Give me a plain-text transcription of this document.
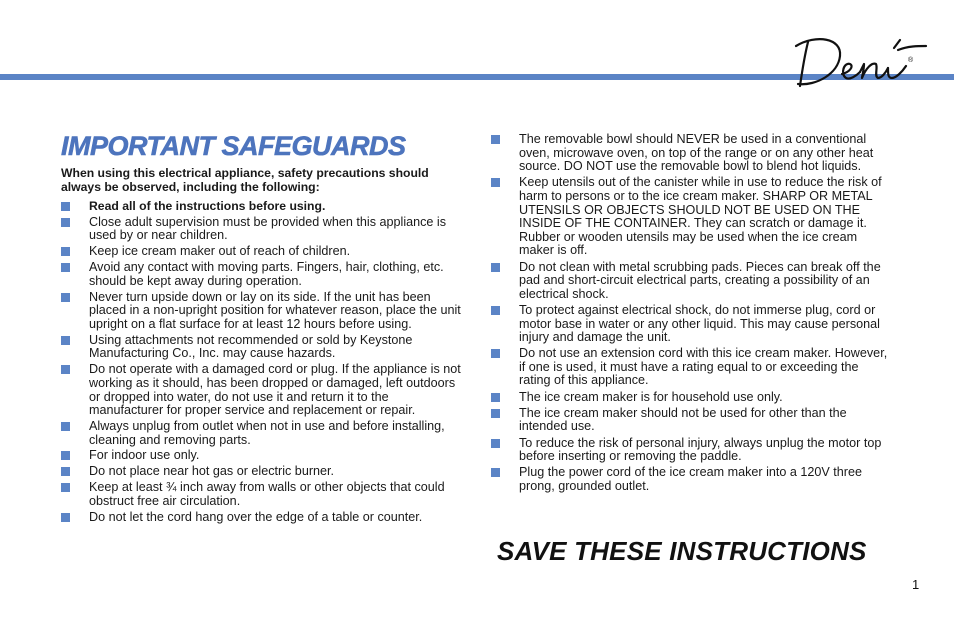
®
IMPORTANT SAFEGUARDS
When using this electrical appliance, safety precautions should always be observed, including the following:
Read all of the instructions before using.
Close adult supervision must be provided when this appliance is used by or near children.
Keep ice cream maker out of reach of children.
Avoid any contact with moving parts. Fingers, hair, clothing, etc. should be kept away during operation.
Never turn upside down or lay on its side. If the unit has been placed in a non-upright position for whatever reason, place the unit upright on a flat surface for at least 12 hours before using.
Using attachments not recommended or sold by Keystone Manufacturing Co., Inc. may cause hazards.
Do not operate with a damaged cord or plug. If the appliance is not working as it should, has been dropped or damaged, left outdoors or dropped into water, do not use it and return it to the manufacturer for proper service and replacement or repair.
Always unplug from outlet when not in use and before installing, cleaning and removing parts.
For indoor use only.
Do not place near hot gas or electric burner.
Keep at least ¾ inch away from walls or other objects that could obstruct free air circulation.
Do not let the cord hang over the edge of a table or counter.
The removable bowl should NEVER be used in a conventional oven, microwave oven, on top of the range or on any other heat source. DO NOT use the removable bowl to blend hot liquids.
Keep utensils out of the canister while in use to reduce the risk of harm to persons or to the ice cream maker. SHARP OR METAL UTENSILS OR OBJECTS SHOULD NOT BE USED ON THE INSIDE OF THE CONTAINER. They can scratch or damage it. Rubber or wooden utensils may be used when the ice cream maker is off.
Do not clean with metal scrubbing pads. Pieces can break off the pad and short-circuit electrical parts, creating a possibility of an electrical shock.
To protect against electrical shock, do not immerse plug, cord or motor base in water or any other liquid. This may cause personal injury and damage the unit.
Do not use an extension cord with this ice cream maker. However, if one is used, it must have a rating equal to or exceeding the rating of this appliance.
The ice cream maker is for household use only.
The ice cream maker should not be used for other than the intended use.
To reduce the risk of personal injury, always unplug the motor top before inserting or removing the paddle.
Plug the power cord of the ice cream maker into a 120V three prong, grounded outlet.
SAVE THESE INSTRUCTIONS
1
